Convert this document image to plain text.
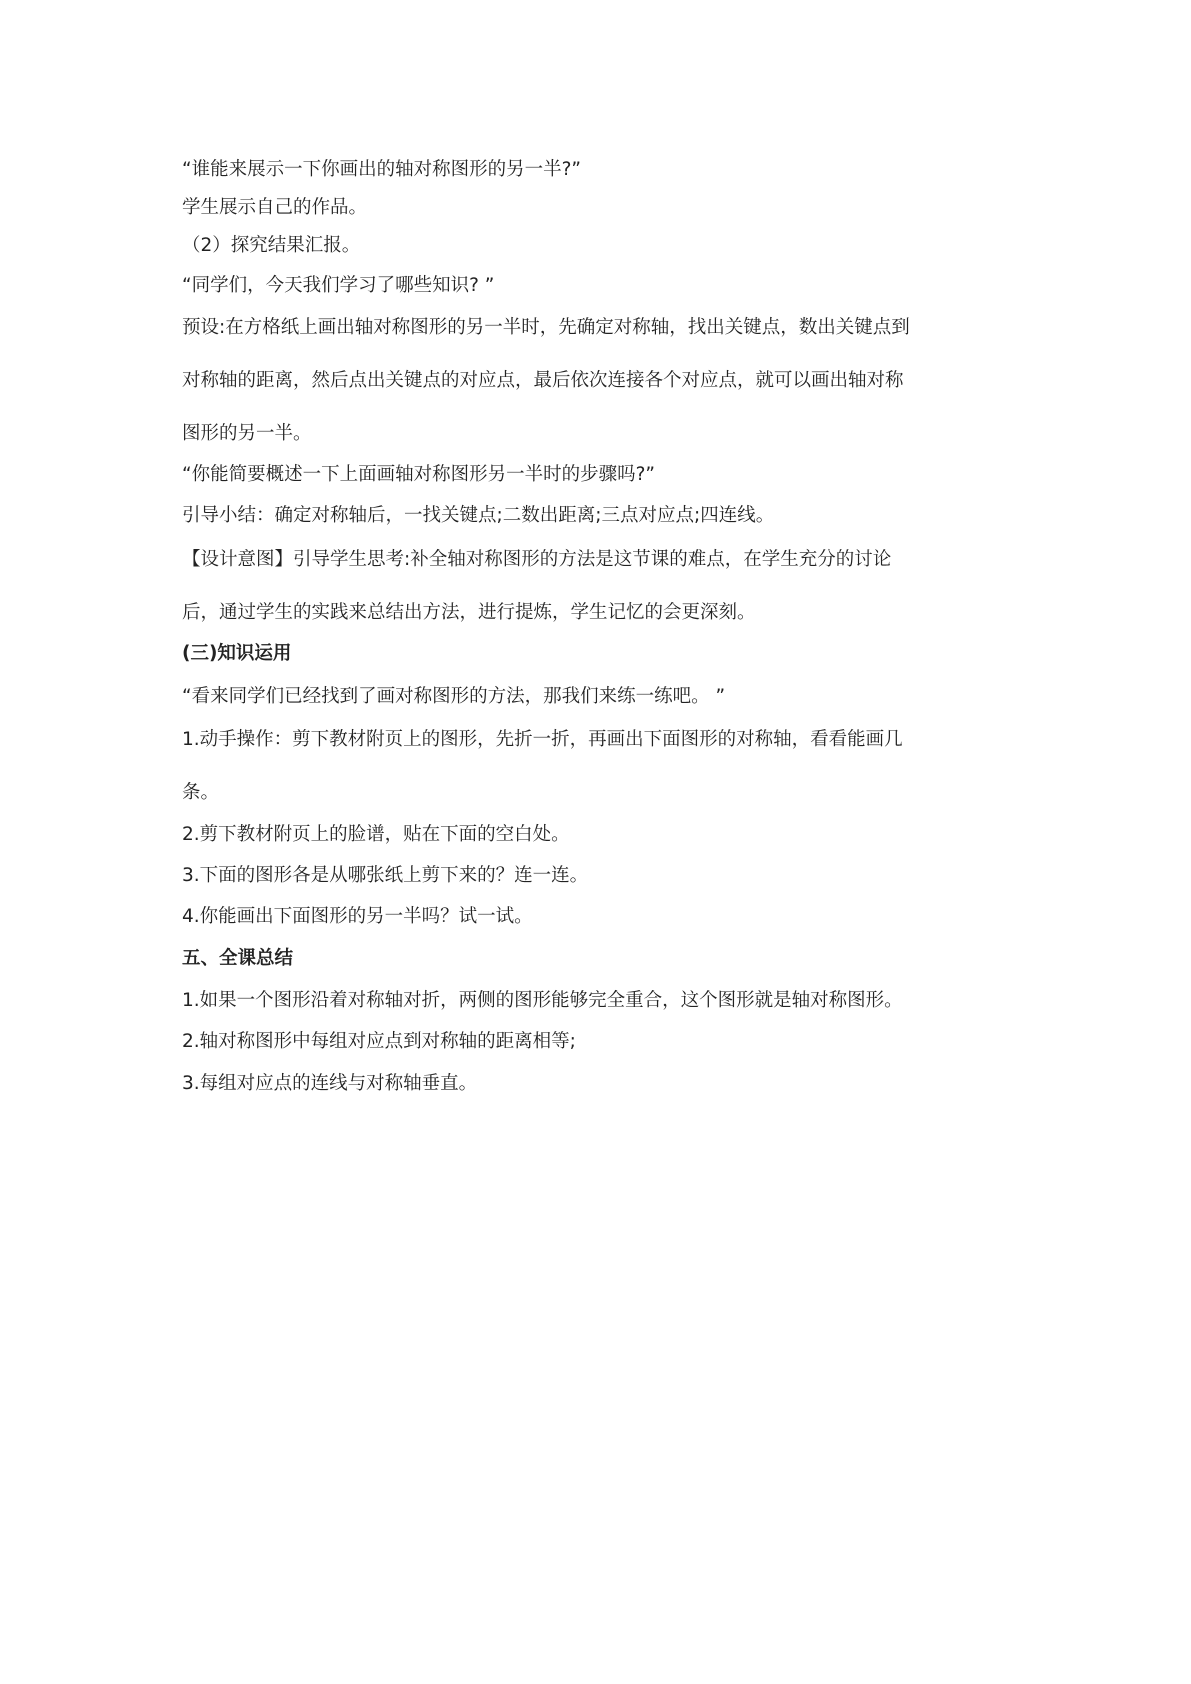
“谁能来展示一下你画出的轴对称图形的另一半?”

学生展示自己的作品。

（2）探究结果汇报。

“同学们，今天我们学习了哪些知识? ”

预设:在方格纸上画出轴对称图形的另一半时，先确定对称轴，找出关键点，数出关键点到

对称轴的距离，然后点出关键点的对应点，最后依次连接各个对应点，就可以画出轴对称

图形的另一半。

“你能简要概述一下上面画轴对称图形另一半时的步骤吗?”

引导小结：确定对称轴后，一找关键点;二数出距离;三点对应点;四连线。

【设计意图】引导学生思考:补全轴对称图形的方法是这节课的难点，在学生充分的讨论

后，通过学生的实践来总结出方法，进行提炼，学生记忆的会更深刻。

(三)知识运用

“看来同学们已经找到了画对称图形的方法，那我们来练一练吧。 ”

1.动手操作：剪下教材附页上的图形，先折一折，再画出下面图形的对称轴，看看能画几

条。

2.剪下教材附页上的脸谱，贴在下面的空白处。

3.下面的图形各是从哪张纸上剪下来的？连一连。

4.你能画出下面图形的另一半吗？试一试。

五、全课总结

1.如果一个图形沿着对称轴对折，两侧的图形能够完全重合，这个图形就是轴对称图形。

2.轴对称图形中每组对应点到对称轴的距离相等;

3.每组对应点的连线与对称轴垂直。
